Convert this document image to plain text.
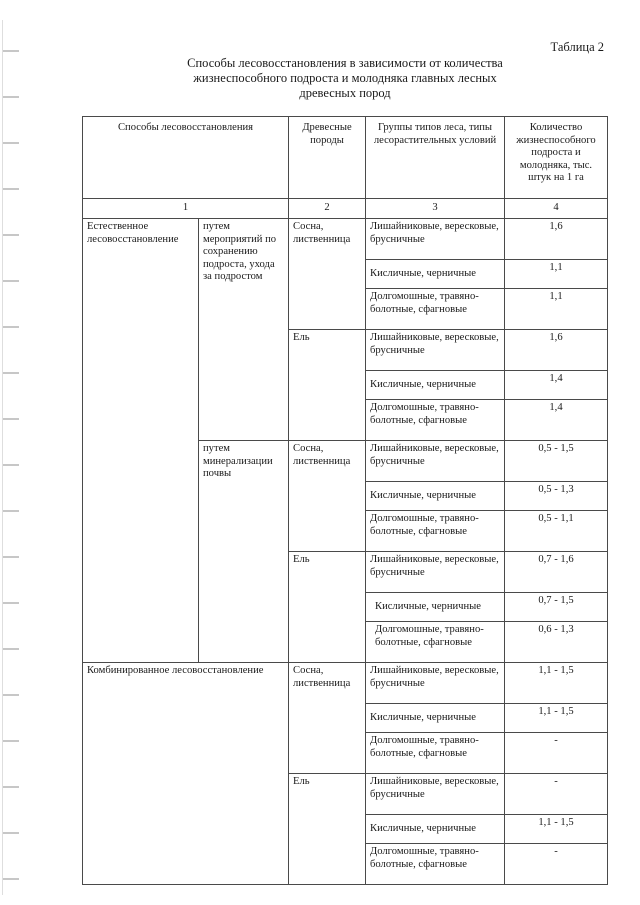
Таблица 2
Способы лесовосстановления в зависимости от количества
жизнеспособного подроста и молодняка главных лесных
древесных пород
Способы лесовосстановления		Древесные породы	Группы типов леса, типы лесорастительных условий	Количество жизнеспособного подроста и молодняка, тыс. штук на 1 га
1		2	3	4
Естественное лесовосстановление	путем мероприятий по сохранению подроста, ухода за подростом	Сосна, лиственница	Лишайниковые, вересковые, брусничные	1,6
			Кисличные, черничные	1,1
			Долгомошные, травяно-болотные, сфагновые	1,1
		Ель	Лишайниковые, вересковые, брусничные	1,6
			Кисличные, черничные	1,4
			Долгомошные, травяно-болотные, сфагновые	1,4
	путем минерализации почвы	Сосна, лиственница	Лишайниковые, вересковые, брусничные	0,5 - 1,5
			Кисличные, черничные	0,5 - 1,3
			Долгомошные, травяно-болотные, сфагновые	0,5 - 1,1
		Ель	Лишайниковые, вересковые, брусничные	0,7 - 1,6
			Кисличные, черничные	0,7 - 1,5
			Долгомошные, травяно-болотные, сфагновые	0,6 - 1,3
Комбинированное лесовосстановление		Сосна, лиственница	Лишайниковые, вересковые, брусничные	1,1 - 1,5
			Кисличные, черничные	1,1 - 1,5
			Долгомошные, травяно-болотные, сфагновые	-
		Ель	Лишайниковые, вересковые, брусничные	-
			Кисличные, черничные	1,1 - 1,5
			Долгомошные, травяно-болотные, сфагновые	-
